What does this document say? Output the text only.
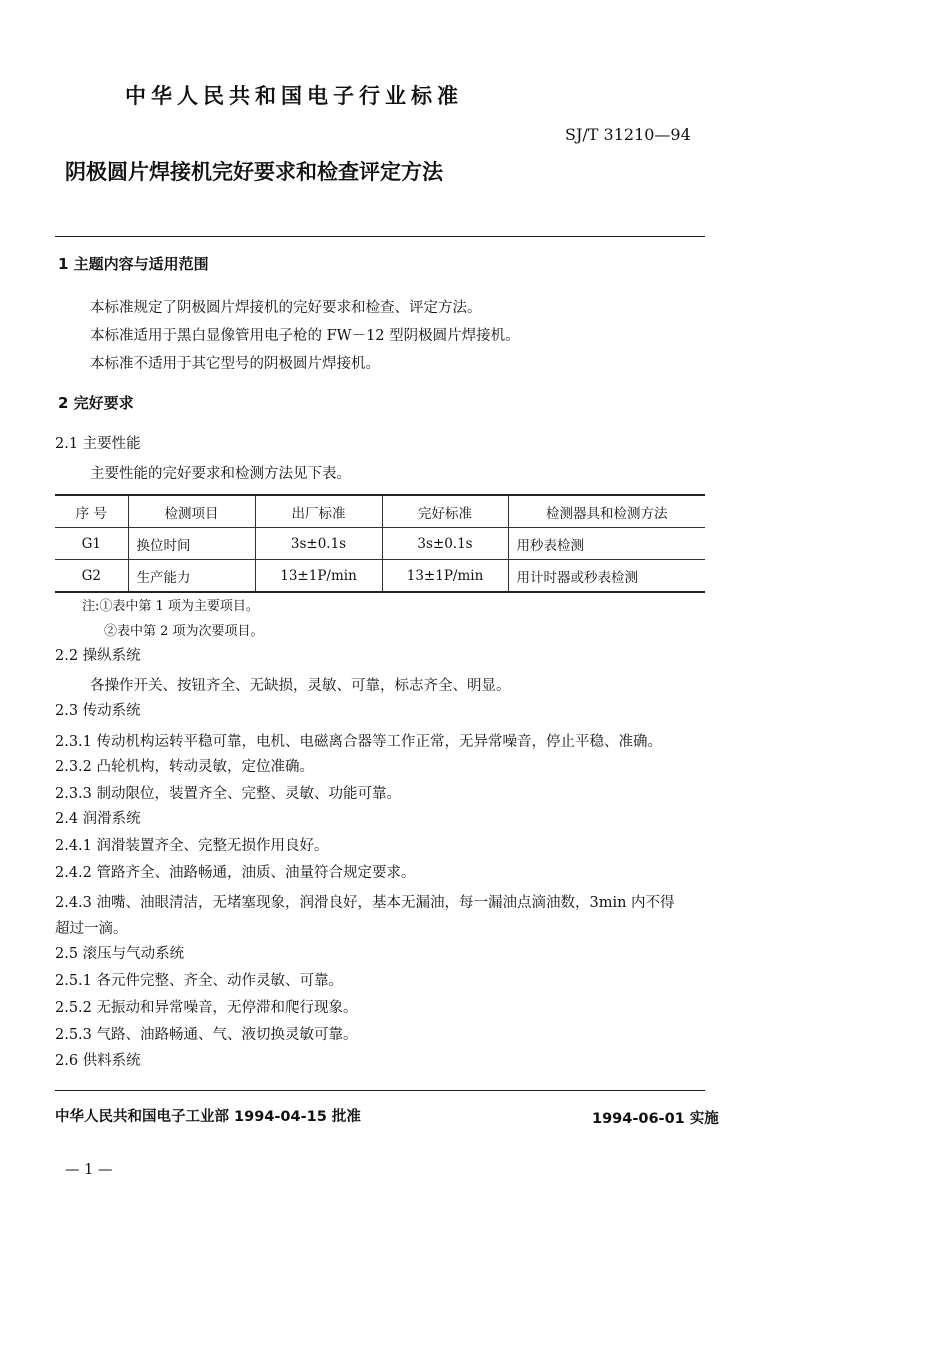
中华人民共和国电子行业标准
SJ/T 31210—94
阴极圆片焊接机完好要求和检查评定方法
1 主题内容与适用范围
本标准规定了阴极圆片焊接机的完好要求和检查、评定方法。
本标准适用于黑白显像管用电子枪的 FW－12 型阴极圆片焊接机。
本标准不适用于其它型号的阴极圆片焊接机。
2 完好要求
2.1 主要性能
主要性能的完好要求和检测方法见下表。
序 号	检测项目	出厂标准	完好标准	检测器具和检测方法
G1	换位时间	3s±0.1s	3s±0.1s	用秒表检测
G2	生产能力	13±1P/min	13±1P/min	用计时器或秒表检测
注:①表中第 1 项为主要项目。
②表中第 2 项为次要项目。
2.2 操纵系统
各操作开关、按钮齐全、无缺损，灵敏、可靠，标志齐全、明显。
2.3 传动系统
2.3.1 传动机构运转平稳可靠，电机、电磁离合器等工作正常，无异常噪音，停止平稳、准确。
2.3.2 凸轮机构，转动灵敏，定位准确。
2.3.3 制动限位，装置齐全、完整、灵敏、功能可靠。
2.4 润滑系统
2.4.1 润滑装置齐全、完整无损作用良好。
2.4.2 管路齐全、油路畅通，油质、油量符合规定要求。
2.4.3 油嘴、油眼清洁，无堵塞现象，润滑良好，基本无漏油，每一漏油点滴油数，3min 内不得
超过一滴。
2.5 滚压与气动系统
2.5.1 各元件完整、齐全、动作灵敏、可靠。
2.5.2 无振动和异常噪音，无停滞和爬行现象。
2.5.3 气路、油路畅通、气、液切换灵敏可靠。
2.6 供料系统
中华人民共和国电子工业部 1994-04-15 批准	1994-06-01 实施
— 1 —
